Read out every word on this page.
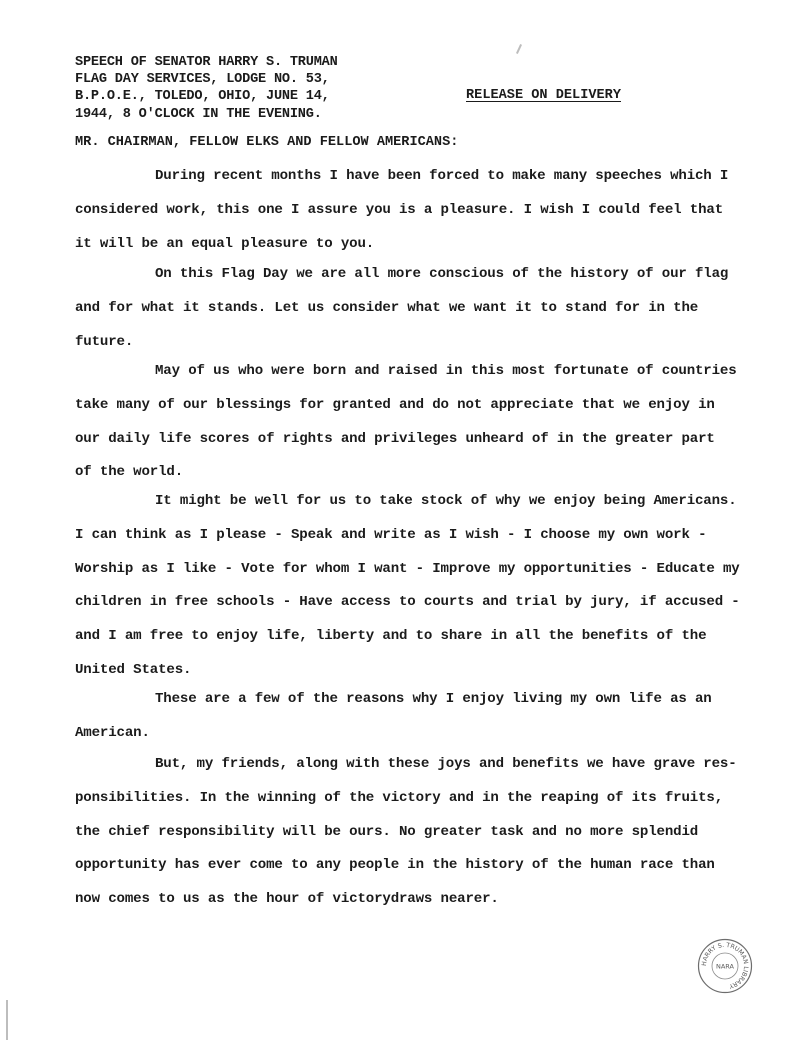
SPEECH OF SENATOR HARRY S. TRUMAN
FLAG DAY SERVICES, LODGE NO. 53,
B.P.O.E., TOLEDO, OHIO, JUNE 14,
1944, 8 O'CLOCK IN THE EVENING.
RELEASE ON DELIVERY
MR. CHAIRMAN, FELLOW ELKS AND FELLOW AMERICANS:

During recent months I have been forced to make many speeches which I
considered work, this one I assure you is a pleasure. I wish I could feel that
it will be an equal pleasure to you.

On this Flag Day we are all more conscious of the history of our flag
and for what it stands. Let us consider what we want it to stand for in the
future.

May of us who were born and raised in this most fortunate of countries
take many of our blessings for granted and do not appreciate that we enjoy in
our daily life scores of rights and privileges unheard of in the greater part
of the world.

It might be well for us to take stock of why we enjoy being Americans.
I can think as I please - Speak and write as I wish - I choose my own work -
Worship as I like - Vote for whom I want - Improve my opportunities - Educate my
children in free schools - Have access to courts and trial by jury, if accused -
and I am free to enjoy life, liberty and to share in all the benefits of the
United States.

These are a few of the reasons why I enjoy living my own life as an
American.

But, my friends, along with these joys and benefits we have grave res-
ponsibilities. In the winning of the victory and in the reaping of its fruits,
the chief responsibility will be ours. No greater task and no more splendid
opportunity has ever come to any people in the history of the human race than
now comes to us as the hour of victorydraws nearer.

HARRY S. TRUMAN LIBRARY
NARA
